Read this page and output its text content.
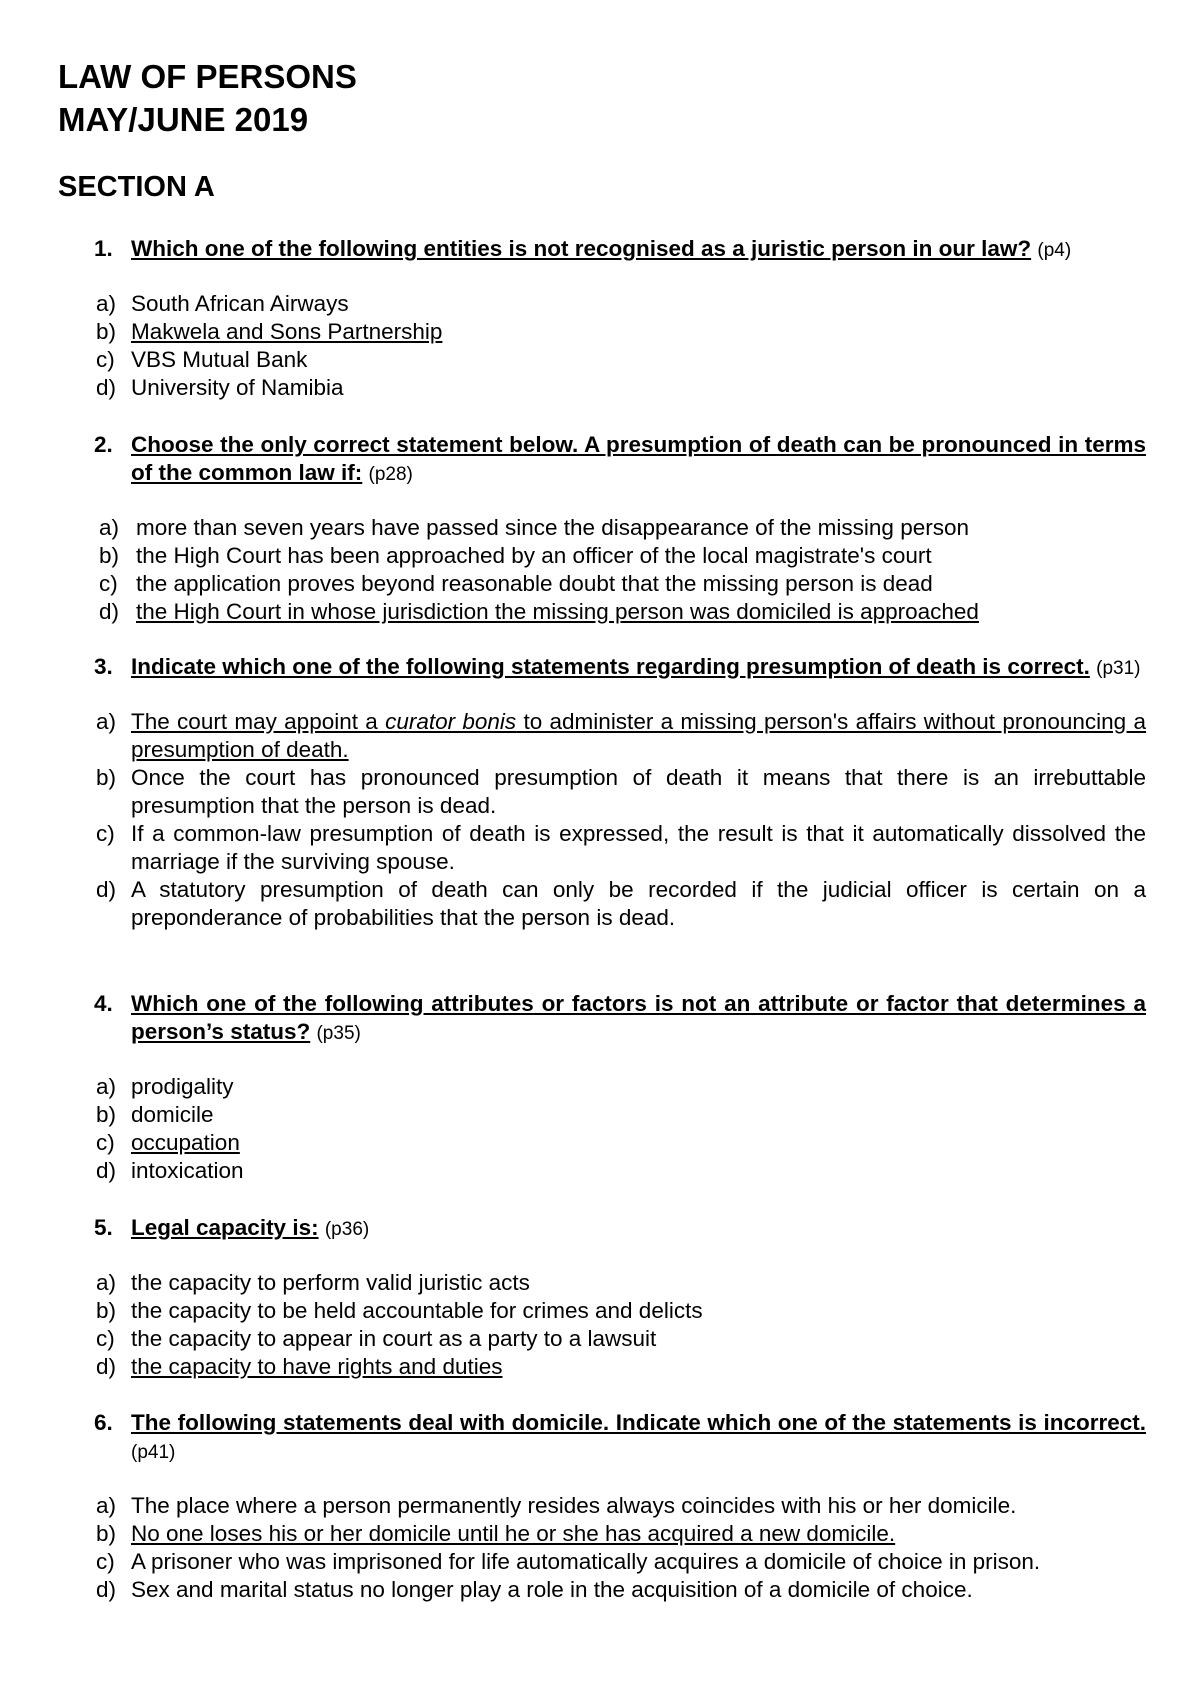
LAW OF PERSONS
MAY/JUNE 2019
SECTION A
1. Which one of the following entities is not recognised as a juristic person in our law? (p4)
a) South African Airways
b) Makwela and Sons Partnership
c) VBS Mutual Bank
d) University of Namibia
2. Choose the only correct statement below. A presumption of death can be pronounced in terms of the common law if: (p28)
a) more than seven years have passed since the disappearance of the missing person
b) the High Court has been approached by an officer of the local magistrate's court
c) the application proves beyond reasonable doubt that the missing person is dead
d) the High Court in whose jurisdiction the missing person was domiciled is approached
3. Indicate which one of the following statements regarding presumption of death is correct. (p31)
a) The court may appoint a curator bonis to administer a missing person's affairs without pronouncing a presumption of death.
b) Once the court has pronounced presumption of death it means that there is an irrebuttable presumption that the person is dead.
c) If a common-law presumption of death is expressed, the result is that it automatically dissolved the marriage if the surviving spouse.
d) A statutory presumption of death can only be recorded if the judicial officer is certain on a preponderance of probabilities that the person is dead.
4. Which one of the following attributes or factors is not an attribute or factor that determines a person’s status? (p35)
a) prodigality
b) domicile
c) occupation
d) intoxication
5. Legal capacity is: (p36)
a) the capacity to perform valid juristic acts
b) the capacity to be held accountable for crimes and delicts
c) the capacity to appear in court as a party to a lawsuit
d) the capacity to have rights and duties
6. The following statements deal with domicile. Indicate which one of the statements is incorrect. (p41)
a) The place where a person permanently resides always coincides with his or her domicile.
b) No one loses his or her domicile until he or she has acquired a new domicile.
c) A prisoner who was imprisoned for life automatically acquires a domicile of choice in prison.
d) Sex and marital status no longer play a role in the acquisition of a domicile of choice.
